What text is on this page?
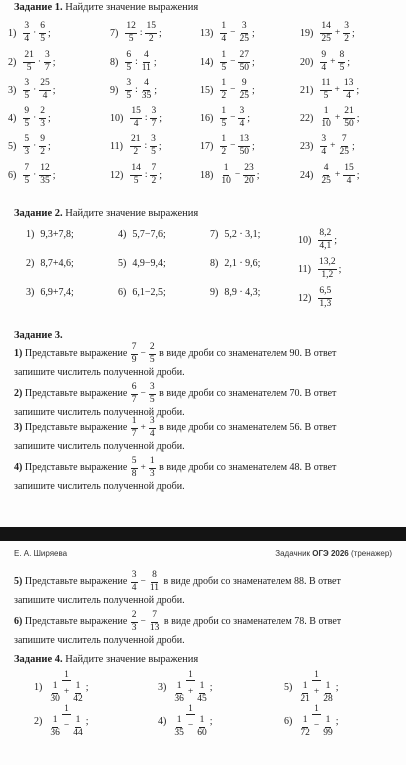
Задание 1. Найдите значение выражения
Задание 2. Найдите значение выражения
Задание 3.
Е. А. Ширяева	Задачник ОГЭ 2026 (тренажер)
Задание 4. Найдите значение выражения
$1) \frac{3}{4} \cdot \frac{6}{5}$ ;
$2) \frac{21}{5} \cdot \frac{3}{7}$ ;
$3) \frac{3}{5} \cdot \frac{25}{4}$ ;
$4) \frac{9}{5} \cdot \frac{2}{3}$ ;
$5) \frac{5}{3} \cdot \frac{9}{2}$ ;
$6) \frac{7}{5} \cdot \frac{12}{35}$ ;
$7) \frac{12}{5}$ : $\frac{15}{2}$ ;
$8) \frac{6}{5}$ : $\frac{4}{11}$ ;
$9) \frac{3}{5}$ : $\frac{4}{35}$ ;
$10) \frac{15}{4}$ : $\frac{3}{7}$ ;
$11) \frac{21}{2}$ : $\frac{3}{5}$ ;
$12) \frac{14}{5}$ : $\frac{7}{2}$ ;
$13) \frac{1}{4} - \frac{3}{25}$ ;
$14) \frac{1}{5} - \frac{27}{50}$ ;
$15) \frac{1}{2} - \frac{9}{25}$ ;
$16) \frac{1}{5} - \frac{3}{4}$ ;
$17) \frac{1}{2} - \frac{13}{50}$ ;
$18) \frac{1}{10} - \frac{23}{20}$ ;
$19) \frac{14}{25} + \frac{3}{2}$ ;
$20) \frac{9}{4} + \frac{8}{5}$ ;
$21) \frac{11}{5} + \frac{13}{4}$ ;
$22) \frac{1}{10} + \frac{21}{50}$ ;
$23) \frac{3}{4} + \frac{7}{25}$ ;
$24) \frac{4}{25} + \frac{15}{4}$ ;
1) 9,3+7,8;
2) 8,7+4,6;
3) 6,9+7,4;
4) 5,7−7,6;
5) 4,9−9,4;
6) 6,1−2,5;
7) 5,2 · 3,1;
8) 2,1 · 9,6;
9) 8,9 · 4,3;
$10) \frac{8,2}{4,1}$ ;
$11) \frac{13,2}{1,2}$ ;
$12) \frac{6,5}{1,3}$
1) Представьте выражение $\frac{7}{9} - \frac{2}{5}$ в виде дроби со знаменателем 90. В ответ
запишите числитель полученной дроби.
2) Представьте выражение $\frac{6}{7} - \frac{3}{5}$ в виде дроби со знаменателем 70. В ответ
запишите числитель полученной дроби.
3) Представьте выражение $\frac{1}{7} + \frac{3}{4}$ в виде дроби со знаменателем 56. В ответ
запишите числитель полученной дроби.
4) Представьте выражение $\frac{5}{8} + \frac{1}{3}$ в виде дроби со знаменателем 48. В ответ
запишите числитель полученной дроби.
5) Представьте выражение $\frac{3}{4} - \frac{8}{11}$ в виде дроби со знаменателем 88. В ответ
запишите числитель полученной дроби.
6) Представьте выражение $\frac{2}{3} - \frac{7}{13}$ в виде дроби со знаменателем 78. В ответ
запишите числитель полученной дроби.
$1) \frac{1}{\frac{1}{30} + \frac{1}{42}}$ ;
$2) \frac{1}{\frac{1}{36} - \frac{1}{44}}$ ;
$3) \frac{1}{\frac{1}{36} + \frac{1}{45}}$ ;
$4) \frac{1}{\frac{1}{35} - \frac{1}{60}}$ ;
$5) \frac{1}{\frac{1}{21} + \frac{1}{28}}$ ;
$6) \frac{1}{\frac{1}{72} - \frac{1}{99}}$ ;
